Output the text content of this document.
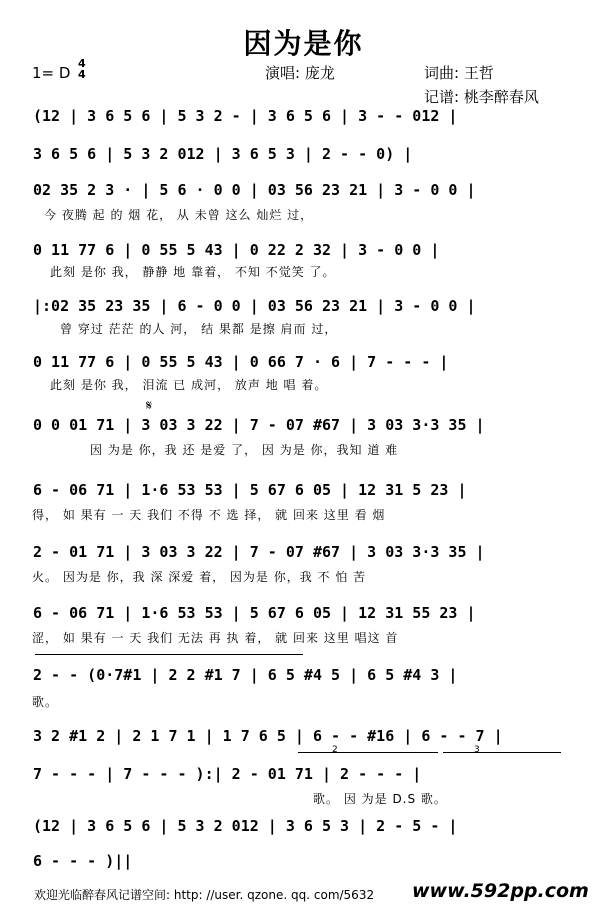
因为是你
1= D
4
4	演唱: 庞龙	词曲: 王哲
记谱: 桃李醉春风
(12 | 3 6 5 6 | 5 3 2 - | 3 6 5 6 | 3 - - 012 |
3 6 5 6 | 5 3 2 012 | 3 6 5 3 | 2 - - 0) |
02 35 2 3 · | 5 6 · 0 0 | 03 56 23 21 | 3 - 0 0 |
今 夜腾 起 的 烟 花， 从 未曾 这么 灿烂 过，
0 11 77 6 | 0 55 5 43 | 0 22 2 32 | 3 - 0 0 |
此刻 是你 我， 静静 地 靠着， 不知 不觉笑 了。
|:02 35 23 35 | 6 - 0 0 | 03 56 23 21 | 3 - 0 0 |
曾 穿过 茫茫 的人 河， 结 果都 是擦 肩而 过，
0 11 77 6 | 0 55 5 43 | 0 66 7 · 6 | 7 - - - |
此刻 是你 我， 泪流 已 成河， 放声 地 唱 着。
𝄋
0 0 01 71 | 3 03 3 22 | 7 - 07 #67 | 3 03 3·3 35 |
因 为是 你，我 还 是爱 了， 因 为是 你，我知 道 难
6 - 06 71 | 1·6 53 53 | 5 67 6 05 | 12 31 5 23 |
得， 如 果有 一 天 我们 不得 不 选 择， 就 回来 这里 看 烟
2 - 01 71 | 3 03 3 22 | 7 - 07 #67 | 3 03 3·3 35 |
火。 因为是 你，我 深 深爱 着， 因为是 你，我 不 怕 苦
6 - 06 71 | 1·6 53 53 | 5 67 6 05 | 12 31 55 23 |
涩， 如 果有 一 天 我们 无法 再 执 着， 就 回来 这里 唱这 首
2 - - (0·7#1 | 2 2 #1 7 | 6 5 #4 5 | 6 5 #4 3 |
歌。
3 2 #1 2 | 2 1 7 1 | 1 7 6 5 | 6 - - #16 | 6 - - 7 |
2	3
7 - - - | 7 - - - ):| 2 - 01 71 | 2 - - - |
歌。 因 为是 D.S 歌。
(12 | 3 6 5 6 | 5 3 2 012 | 3 6 5 3 | 2 - 5 - |
6 - - - )||
欢迎光临醉春风记谱空间: http: //user. qzone. qq. com/5632 www.592pp.com
